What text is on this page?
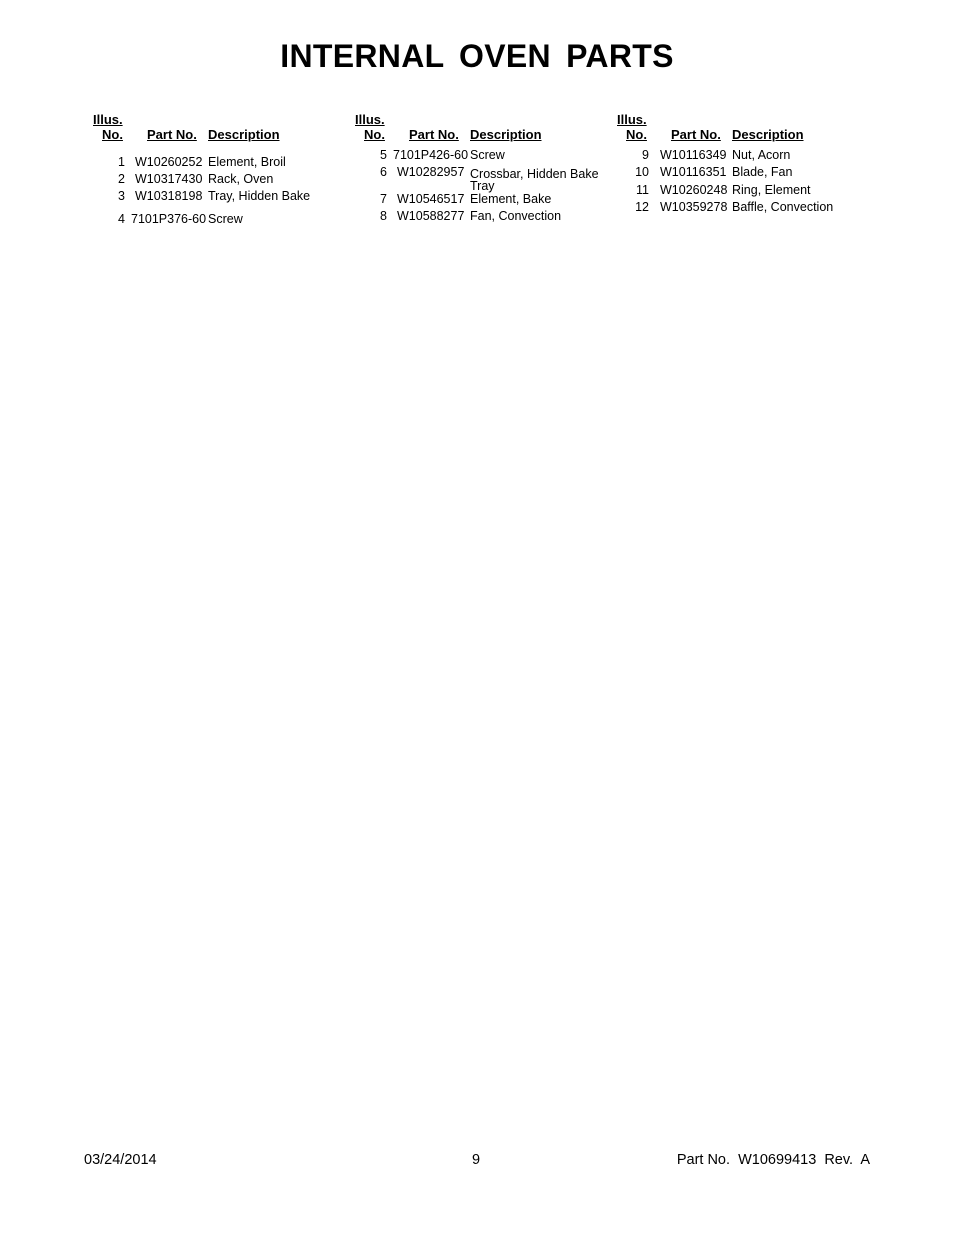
INTERNAL OVEN PARTS
Illus.
No. Part No. Description
1 W10260252 Element, Broil
2 W10317430 Rack, Oven
3 W10318198 Tray, Hidden Bake
4 7101P376-60 Screw
Illus.
No. Part No. Description
5 7101P426-60 Screw
6 W10282957 Crossbar, Hidden Bake Tray
7 W10546517 Element, Bake
8 W10588277 Fan, Convection
Illus.
No. Part No. Description
9 W10116349 Nut, Acorn
10 W10116351 Blade, Fan
11 W10260248 Ring, Element
12 W10359278 Baffle, Convection
03/24/2014	9	Part No.  W10699413  Rev.  A
